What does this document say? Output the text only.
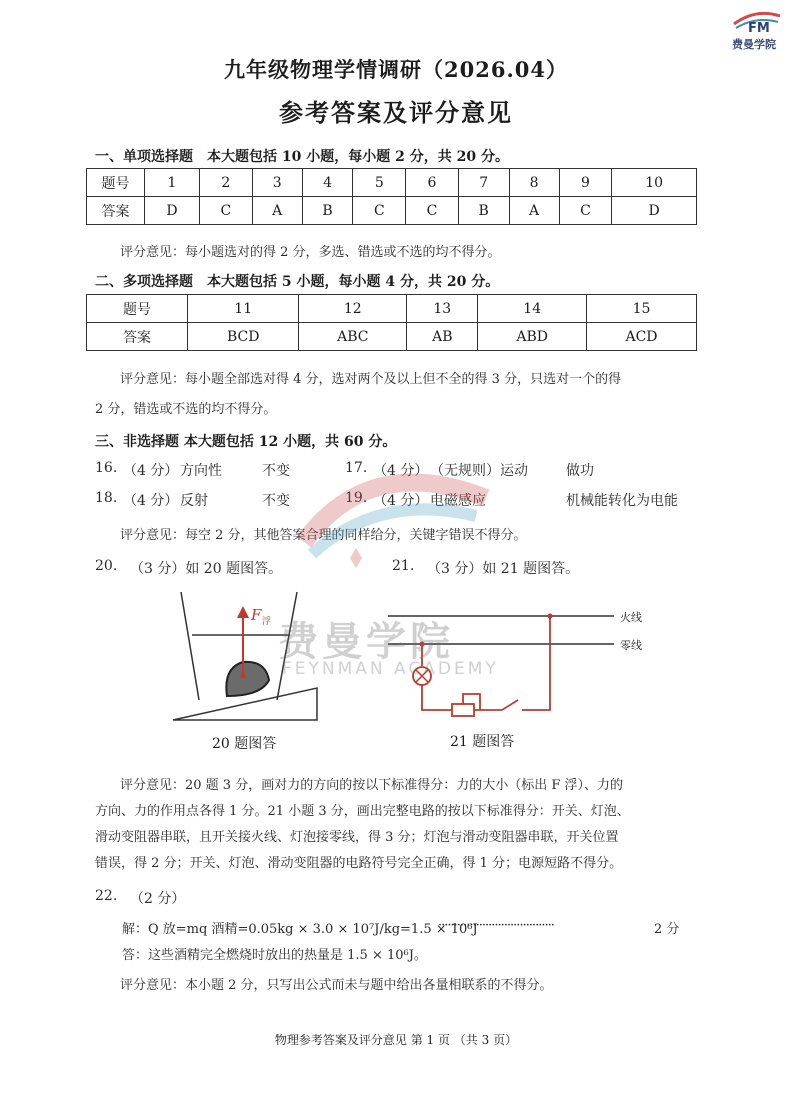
FM
费曼学院
九年级物理学情调研（2026.04）
参考答案及评分意见
一、单项选择题　本大题包括 10 小题，每小题 2 分，共 20 分。
题号	1	2	3	4	5	6	7	8	9	10
答案	D	C	A	B	C	C	B	A	C	D
评分意见：每小题选对的得 2 分，多选、错选或不选的均不得分。
二、多项选择题　本大题包括 5 小题，每小题 4 分，共 20 分。
题号	11	12	13	14	15
答案	BCD	ABC	AB	ABD	ACD
评分意见：每小题全部选对得 4 分，选对两个及以上但不全的得 3 分，只选对一个的得
2 分，错选或不选的均不得分。
三、非选择题 本大题包括 12 小题，共 60 分。
16. （4 分） 方向性	不变	17. （4 分） （无规则）运动	做功
18. （4 分） 反射	不变	19. （4 分） 电磁感应	机械能转化为电能
评分意见：每空 2 分，其他答案合理的同样给分，关键字错误不得分。
20. （3 分）如 20 题图答。	21. （3 分）如 21 题图答。
F 浮
20 题图答
火线
零线
21 题图答
费曼学院
FEYNMAN ACADEMY
评分意见：20 题 3 分，画对力的方向的按以下标准得分：力的大小（标出 F 浮）、力的
方向、力的作用点各得 1 分。21 小题 3 分，画出完整电路的按以下标准得分：开关、灯泡、
滑动变阻器串联，且开关接火线、灯泡接零线，得 3 分；灯泡与滑动变阻器串联，开关位置
错误，得 2 分；开关、灯泡、滑动变阻器的电路符号完全正确，得 1 分；电源短路不得分。
22. （2 分）
解：Q 放=mq 酒精=0.05kg × 3.0 × 10⁷J/kg=1.5 × 10⁶J
·····································	2 分
答：这些酒精完全燃烧时放出的热量是 1.5 × 10⁶J。
评分意见：本小题 2 分，只写出公式而未与题中给出各量相联系的不得分。
物理参考答案及评分意见 第 1 页 （共 3 页）
